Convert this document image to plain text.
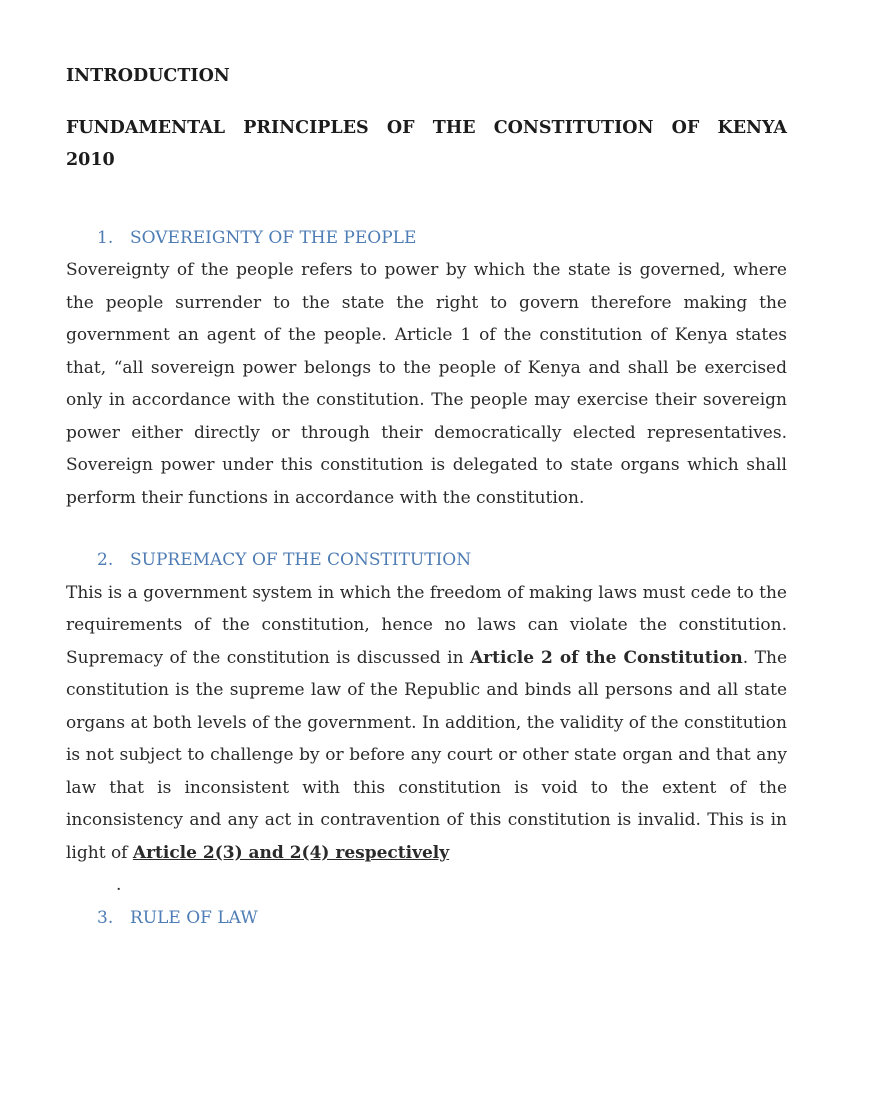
INTRODUCTION
FUNDAMENTAL PRINCIPLES OF THE CONSTITUTION OF KENYA
2010
1. SOVEREIGNTY OF THE PEOPLE

Sovereignty of the people refers to power by which the state is governed, where the people surrender to the state the right to govern therefore making the government an agent of the people. Article 1 of the constitution of Kenya states that, “all sovereign power belongs to the people of Kenya and shall be exercised only in accordance with the constitution. The people may exercise their sovereign power either directly or through their democratically elected representatives. Sovereign power under this constitution is delegated to state organs which shall perform their functions in accordance with the constitution.

2. SUPREMACY OF THE CONSTITUTION

This is a government system in which the freedom of making laws must cede to the requirements of the constitution, hence no laws can violate the constitution. Supremacy of the constitution is discussed in Article 2 of the Constitution. The constitution is the supreme law of the Republic and binds all persons and all state organs at both levels of the government. In addition, the validity of the constitution is not subject to challenge by or before any court or other state organ and that any law that is inconsistent with this constitution is void to the extent of the inconsistency and any act in contravention of this constitution is invalid. This is in light of Article 2(3) and 2(4) respectively

.

3. RULE OF LAW
